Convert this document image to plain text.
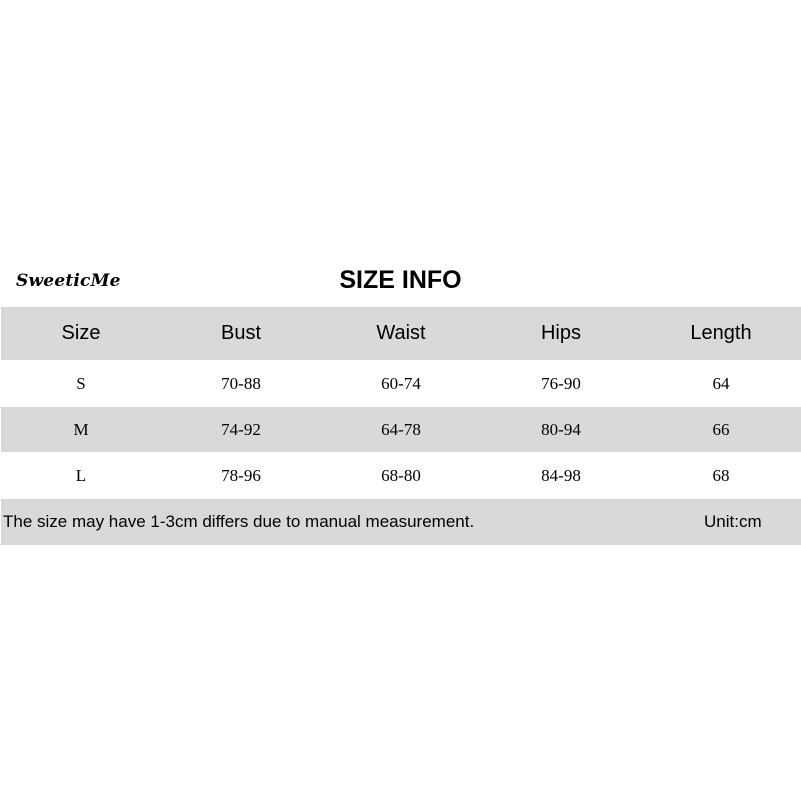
SweeticMe	SIZE INFO
Size	Bust	Waist	Hips	Length
S	70-88	60-74	76-90	64
M	74-92	64-78	80-94	66
L	78-96	68-80	84-98	68
The size may have 1-3cm differs due to manual measurement.	Unit:cm
